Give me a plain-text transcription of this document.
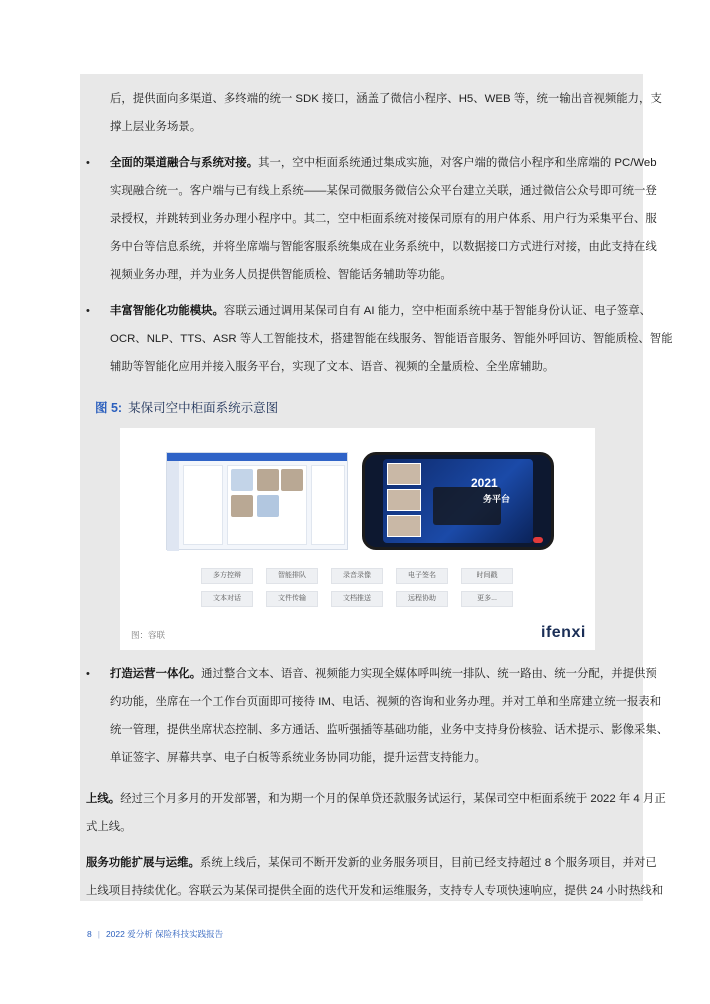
后，提供面向多渠道、多终端的统一 SDK 接口，涵盖了微信小程序、H5、WEB 等，统一输出音视频能力，支
撑上层业务场景。
• 全面的渠道融合与系统对接。其一，空中柜面系统通过集成实施，对客户端的微信小程序和坐席端的 PC/Web
实现融合统一。客户端与已有线上系统——某保司微服务微信公众平台建立关联，通过微信公众号即可统一登
录授权，并跳转到业务办理小程序中。其二，空中柜面系统对接保司原有的用户体系、用户行为采集平台、服
务中台等信息系统，并将坐席端与智能客服系统集成在业务系统中，以数据接口方式进行对接，由此支持在线
视频业务办理，并为业务人员提供智能质检、智能话务辅助等功能。
• 丰富智能化功能模块。容联云通过调用某保司自有 AI 能力，空中柜面系统中基于智能身份认证、电子签章、
OCR、NLP、TTS、ASR 等人工智能技术，搭建智能在线服务、智能语音服务、智能外呼回访、智能质检、智能
辅助等智能化应用并接入服务平台，实现了文本、语音、视频的全量质检、全坐席辅助。
图 5: 某保司空中柜面系统示意图
2021
务平台
多方控辩	智能排队	录音录像	电子签名	时间戳
文本对话	文件传输	文档推送	远程协助	更多...
图：容联	ifenxi
• 打造运营一体化。通过整合文本、语音、视频能力实现全媒体呼叫统一排队、统一路由、统一分配，并提供预
约功能，坐席在一个工作台页面即可接待 IM、电话、视频的咨询和业务办理。并对工单和坐席建立统一报表和
统一管理，提供坐席状态控制、多方通话、监听强插等基础功能，业务中支持身份核验、话术提示、影像采集、
单证签字、屏幕共享、电子白板等系统业务协同功能，提升运营支持能力。
上线。经过三个月多月的开发部署，和为期一个月的保单贷还款服务试运行，某保司空中柜面系统于 2022 年 4 月正
式上线。
服务功能扩展与运维。系统上线后，某保司不断开发新的业务服务项目，目前已经支持超过 8 个服务项目，并对已
上线项目持续优化。容联云为某保司提供全面的迭代开发和运维服务，支持专人专项快速响应，提供 24 小时热线和
8 | 2022 爱分析 保险科技实践报告
